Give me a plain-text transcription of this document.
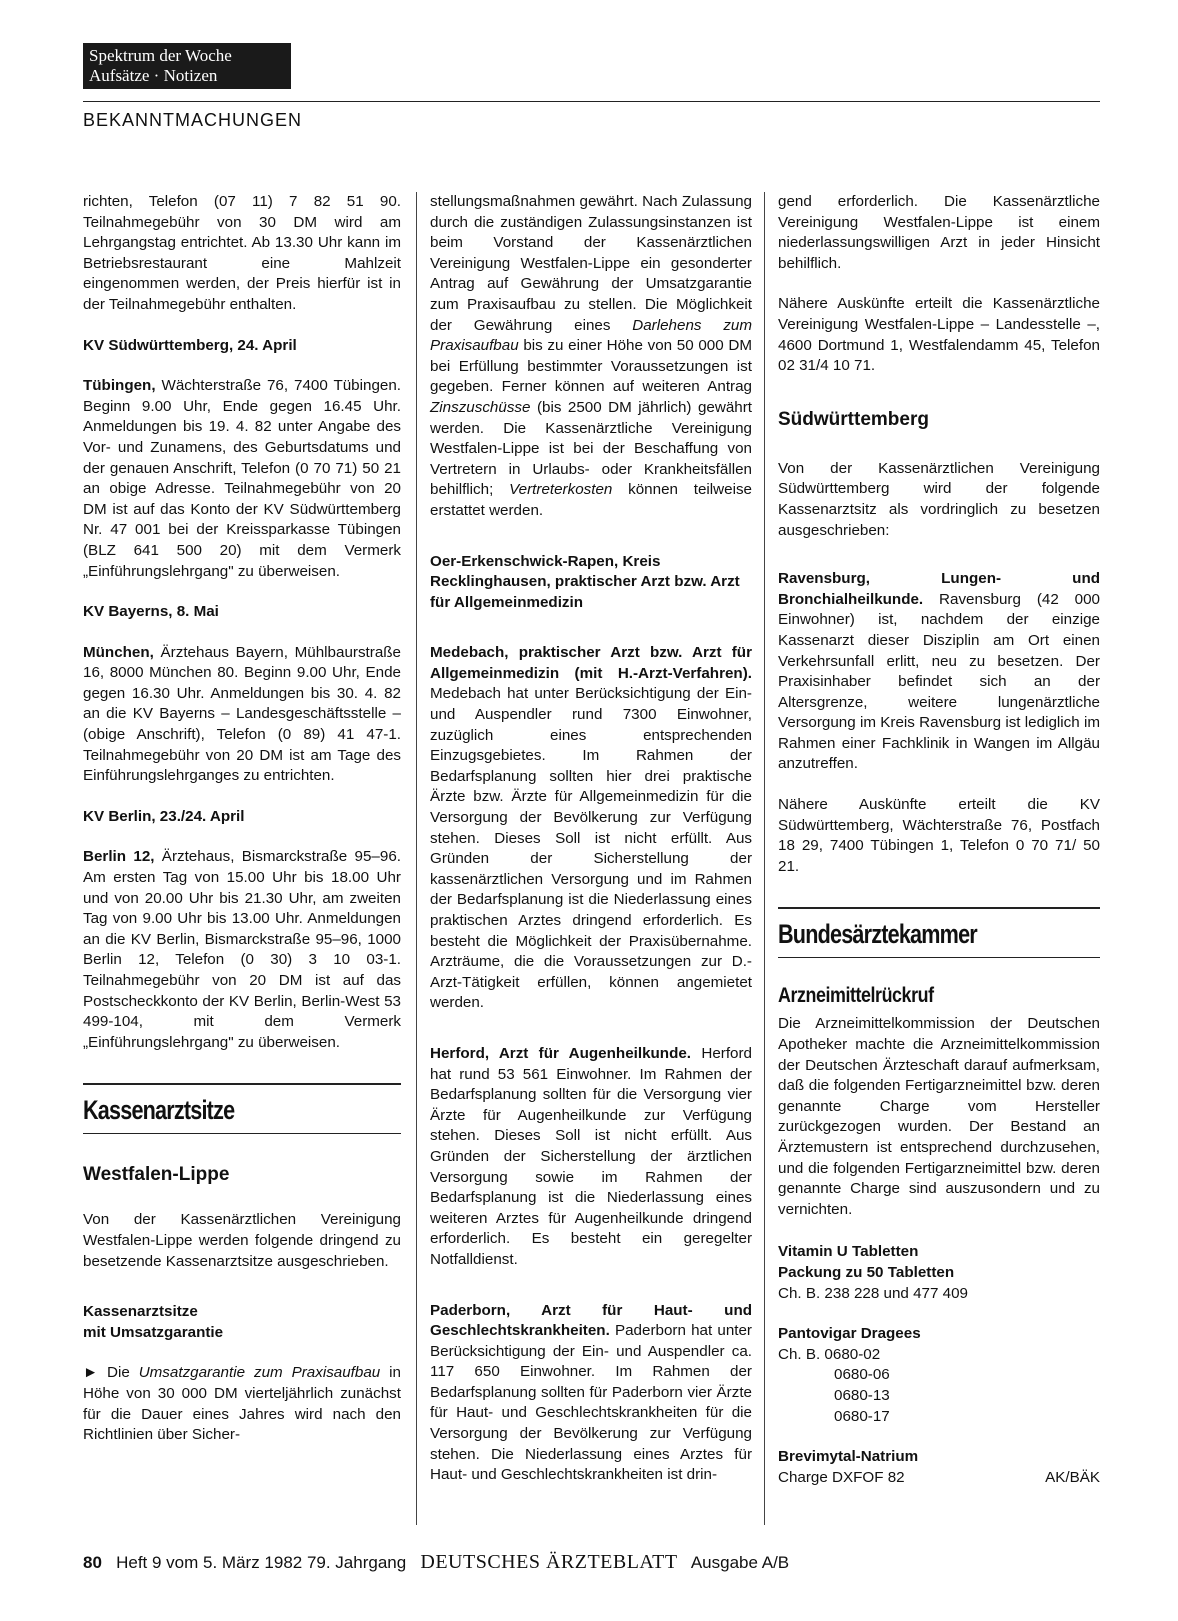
Spektrum der Woche
Aufsätze · Notizen
BEKANNTMACHUNGEN

richten, Telefon (07 11) 7 82 51 90. Teilnahmegebühr von 30 DM wird am Lehrgangstag entrichtet. Ab 13.30 Uhr kann im Betriebsrestaurant eine Mahlzeit eingenommen werden, der Preis hierfür ist in der Teilnahmegebühr enthalten.

KV Südwürttemberg, 24. April

Tübingen, Wächterstraße 76, 7400 Tübingen. Beginn 9.00 Uhr, Ende gegen 16.45 Uhr. Anmeldungen bis 19. 4. 82 unter Angabe des Vor- und Zunamens, des Geburtsdatums und der genauen Anschrift, Telefon (0 70 71) 50 21 an obige Adresse. Teilnahmegebühr von 20 DM ist auf das Konto der KV Südwürttemberg Nr. 47 001 bei der Kreissparkasse Tübingen (BLZ 641 500 20) mit dem Vermerk „Einführungslehrgang" zu überweisen.

KV Bayerns, 8. Mai

München, Ärztehaus Bayern, Mühlbaurstraße 16, 8000 München 80. Beginn 9.00 Uhr, Ende gegen 16.30 Uhr. Anmeldungen bis 30. 4. 82 an die KV Bayerns – Landesgeschäftsstelle – (obige Anschrift), Telefon (0 89) 41 47-1. Teilnahmegebühr von 20 DM ist am Tage des Einführungslehrganges zu entrichten.

KV Berlin, 23./24. April

Berlin 12, Ärztehaus, Bismarckstraße 95–96. Am ersten Tag von 15.00 Uhr bis 18.00 Uhr und von 20.00 Uhr bis 21.30 Uhr, am zweiten Tag von 9.00 Uhr bis 13.00 Uhr. Anmeldungen an die KV Berlin, Bismarckstraße 95–96, 1000 Berlin 12, Telefon (0 30) 3 10 03-1. Teilnahmegebühr von 20 DM ist auf das Postscheckkonto der KV Berlin, Berlin-West 53 499-104, mit dem Vermerk „Einführungslehrgang" zu überweisen.

Kassenarztsitze
Westfalen-Lippe

Von der Kassenärztlichen Vereinigung Westfalen-Lippe werden folgende dringend zu besetzende Kassenarztsitze ausgeschrieben.

Kassenarztsitze
mit Umsatzgarantie

► Die Umsatzgarantie zum Praxisaufbau in Höhe von 30 000 DM vierteljährlich zunächst für die Dauer eines Jahres wird nach den Richtlinien über Sicher-

stellungsmaßnahmen gewährt. Nach Zulassung durch die zuständigen Zulassungsinstanzen ist beim Vorstand der Kassenärztlichen Vereinigung Westfalen-Lippe ein gesonderter Antrag auf Gewährung der Umsatzgarantie zum Praxisaufbau zu stellen. Die Möglichkeit der Gewährung eines Darlehens zum Praxisaufbau bis zu einer Höhe von 50 000 DM bei Erfüllung bestimmter Voraussetzungen ist gegeben. Ferner können auf weiteren Antrag Zinszuschüsse (bis 2500 DM jährlich) gewährt werden. Die Kassenärztliche Vereinigung Westfalen-Lippe ist bei der Beschaffung von Vertretern in Urlaubs- oder Krankheitsfällen behilflich; Vertreterkosten können teilweise erstattet werden.

Oer-Erkenschwick-Rapen, Kreis Recklinghausen, praktischer Arzt bzw. Arzt für Allgemeinmedizin

Medebach, praktischer Arzt bzw. Arzt für Allgemeinmedizin (mit H.-Arzt-Verfahren). Medebach hat unter Berücksichtigung der Ein- und Auspendler rund 7300 Einwohner, zuzüglich eines entsprechenden Einzugsgebietes. Im Rahmen der Bedarfsplanung sollten hier drei praktische Ärzte bzw. Ärzte für Allgemeinmedizin für die Versorgung der Bevölkerung zur Verfügung stehen. Dieses Soll ist nicht erfüllt. Aus Gründen der Sicherstellung der kassenärztlichen Versorgung und im Rahmen der Bedarfsplanung ist die Niederlassung eines praktischen Arztes dringend erforderlich. Es besteht die Möglichkeit der Praxisübernahme. Arzträume, die die Voraussetzungen zur D.-Arzt-Tätigkeit erfüllen, können angemietet werden.

Herford, Arzt für Augenheilkunde. Herford hat rund 53 561 Einwohner. Im Rahmen der Bedarfsplanung sollten für die Versorgung vier Ärzte für Augenheilkunde zur Verfügung stehen. Dieses Soll ist nicht erfüllt. Aus Gründen der Sicherstellung der ärztlichen Versorgung sowie im Rahmen der Bedarfsplanung ist die Niederlassung eines weiteren Arztes für Augenheilkunde dringend erforderlich. Es besteht ein geregelter Notfalldienst.

Paderborn, Arzt für Haut- und Geschlechtskrankheiten. Paderborn hat unter Berücksichtigung der Ein- und Auspendler ca. 117 650 Einwohner. Im Rahmen der Bedarfsplanung sollten für Paderborn vier Ärzte für Haut- und Geschlechtskrankheiten für die Versorgung der Bevölkerung zur Verfügung stehen. Die Niederlassung eines Arztes für Haut- und Geschlechtskrankheiten ist drin-

gend erforderlich. Die Kassenärztliche Vereinigung Westfalen-Lippe ist einem niederlassungswilligen Arzt in jeder Hinsicht behilflich.

Nähere Auskünfte erteilt die Kassenärztliche Vereinigung Westfalen-Lippe – Landesstelle –, 4600 Dortmund 1, Westfalendamm 45, Telefon 02 31/4 10 71.

Südwürttemberg

Von der Kassenärztlichen Vereinigung Südwürttemberg wird der folgende Kassenarztsitz als vordringlich zu besetzen ausgeschrieben:

Ravensburg, Lungen- und Bronchialheilkunde. Ravensburg (42 000 Einwohner) ist, nachdem der einzige Kassenarzt dieser Disziplin am Ort einen Verkehrsunfall erlitt, neu zu besetzen. Der Praxisinhaber befindet sich an der Altersgrenze, weitere lungenärztliche Versorgung im Kreis Ravensburg ist lediglich im Rahmen einer Fachklinik in Wangen im Allgäu anzutreffen.

Nähere Auskünfte erteilt die KV Südwürttemberg, Wächterstraße 76, Postfach 18 29, 7400 Tübingen 1, Telefon 0 70 71/ 50 21.

Bundesärztekammer
Arzneimittelrückruf

Die Arzneimittelkommission der Deutschen Apotheker machte die Arzneimittelkommission der Deutschen Ärzteschaft darauf aufmerksam, daß die folgenden Fertigarzneimittel bzw. deren genannte Charge vom Hersteller zurückgezogen wurden. Der Bestand an Ärztemustern ist entsprechend durchzusehen, und die folgenden Fertigarzneimittel bzw. deren genannte Charge sind auszusondern und zu vernichten.

Vitamin U Tabletten
Packung zu 50 Tabletten
Ch. B. 238 228 und 477 409
Pantovigar Dragees
Ch. B. 0680-02
0680-06
0680-13
0680-17
Brevimytal-Natrium
Charge DXFOF 82	AK/BÄK
80 Heft 9 vom 5. März 1982 79. Jahrgang DEUTSCHES ÄRZTEBLATT Ausgabe A/B
